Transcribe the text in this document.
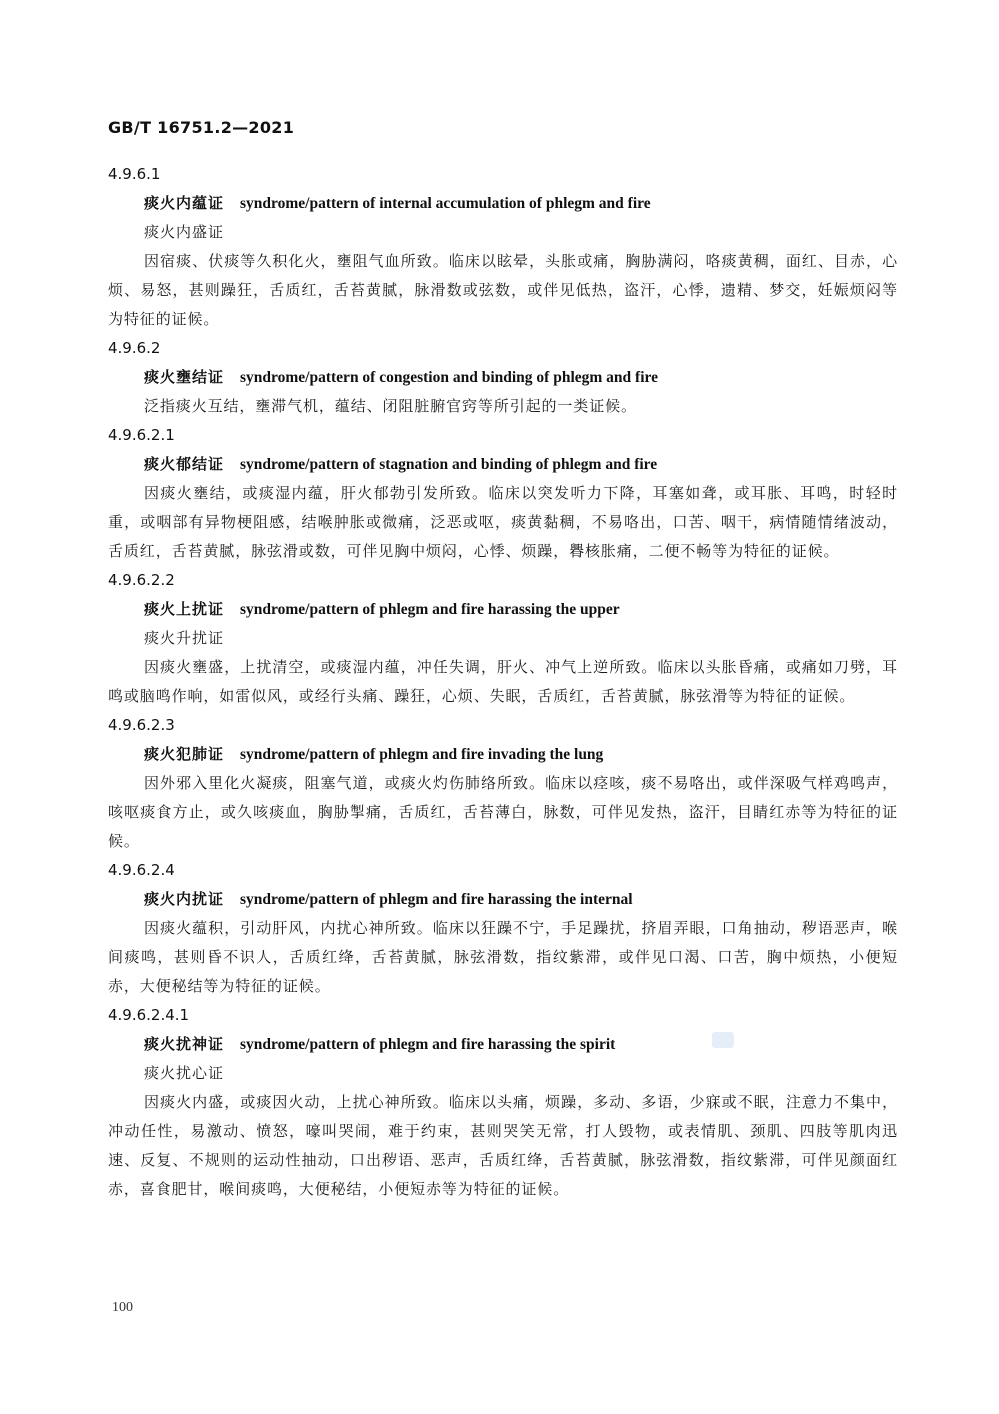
GB/T 16751.2—2021
4.9.6.1
痰火内蕴证 syndrome/pattern of internal accumulation of phlegm and fire
痰火内盛证

因宿痰、伏痰等久积化火，壅阻气血所致。临床以眩晕，头胀或痛，胸胁满闷，咯痰黄稠，面红、目赤，心烦、易怒，甚则躁狂，舌质红，舌苔黄腻，脉滑数或弦数，或伴见低热，盗汗，心悸，遗精、梦交，妊娠烦闷等为特征的证候。

4.9.6.2
痰火壅结证 syndrome/pattern of congestion and binding of phlegm and fire

泛指痰火互结，壅滞气机，蕴结、闭阻脏腑官窍等所引起的一类证候。

4.9.6.2.1
痰火郁结证 syndrome/pattern of stagnation and binding of phlegm and fire

因痰火壅结，或痰湿内蕴，肝火郁勃引发所致。临床以突发听力下降，耳塞如聋，或耳胀、耳鸣，时轻时重，或咽部有异物梗阻感，结喉肿胀或微痛，泛恶或呕，痰黄黏稠，不易咯出，口苦、咽干，病情随情绪波动，舌质红，舌苔黄腻，脉弦滑或数，可伴见胸中烦闷，心悸、烦躁，臖核胀痛，二便不畅等为特征的证候。

4.9.6.2.2
痰火上扰证 syndrome/pattern of phlegm and fire harassing the upper
痰火升扰证

因痰火壅盛，上扰清空，或痰湿内蕴，冲任失调，肝火、冲气上逆所致。临床以头胀昏痛，或痛如刀劈，耳鸣或脑鸣作响，如雷似风，或经行头痛、躁狂，心烦、失眠，舌质红，舌苔黄腻，脉弦滑等为特征的证候。

4.9.6.2.3
痰火犯肺证 syndrome/pattern of phlegm and fire invading the lung

因外邪入里化火凝痰，阻塞气道，或痰火灼伤肺络所致。临床以痉咳，痰不易咯出，或伴深吸气样鸡鸣声，咳呕痰食方止，或久咳痰血，胸胁掣痛，舌质红，舌苔薄白，脉数，可伴见发热，盗汗，目睛红赤等为特征的证候。

4.9.6.2.4
痰火内扰证 syndrome/pattern of phlegm and fire harassing the internal

因痰火蕴积，引动肝风，内扰心神所致。临床以狂躁不宁，手足躁扰，挤眉弄眼，口角抽动，秽语恶声，喉间痰鸣，甚则昏不识人，舌质红绛，舌苔黄腻，脉弦滑数，指纹紫滞，或伴见口渴、口苦，胸中烦热，小便短赤，大便秘结等为特征的证候。

4.9.6.2.4.1
痰火扰神证 syndrome/pattern of phlegm and fire harassing the spirit
痰火扰心证

因痰火内盛，或痰因火动，上扰心神所致。临床以头痛，烦躁，多动、多语，少寐或不眠，注意力不集中，冲动任性，易激动、愤怒，嚎叫哭闹，难于约束，甚则哭笑无常，打人毁物，或表情肌、颈肌、四肢等肌肉迅速、反复、不规则的运动性抽动，口出秽语、恶声，舌质红绛，舌苔黄腻，脉弦滑数，指纹紫滞，可伴见颜面红赤，喜食肥甘，喉间痰鸣，大便秘结，小便短赤等为特征的证候。

100
